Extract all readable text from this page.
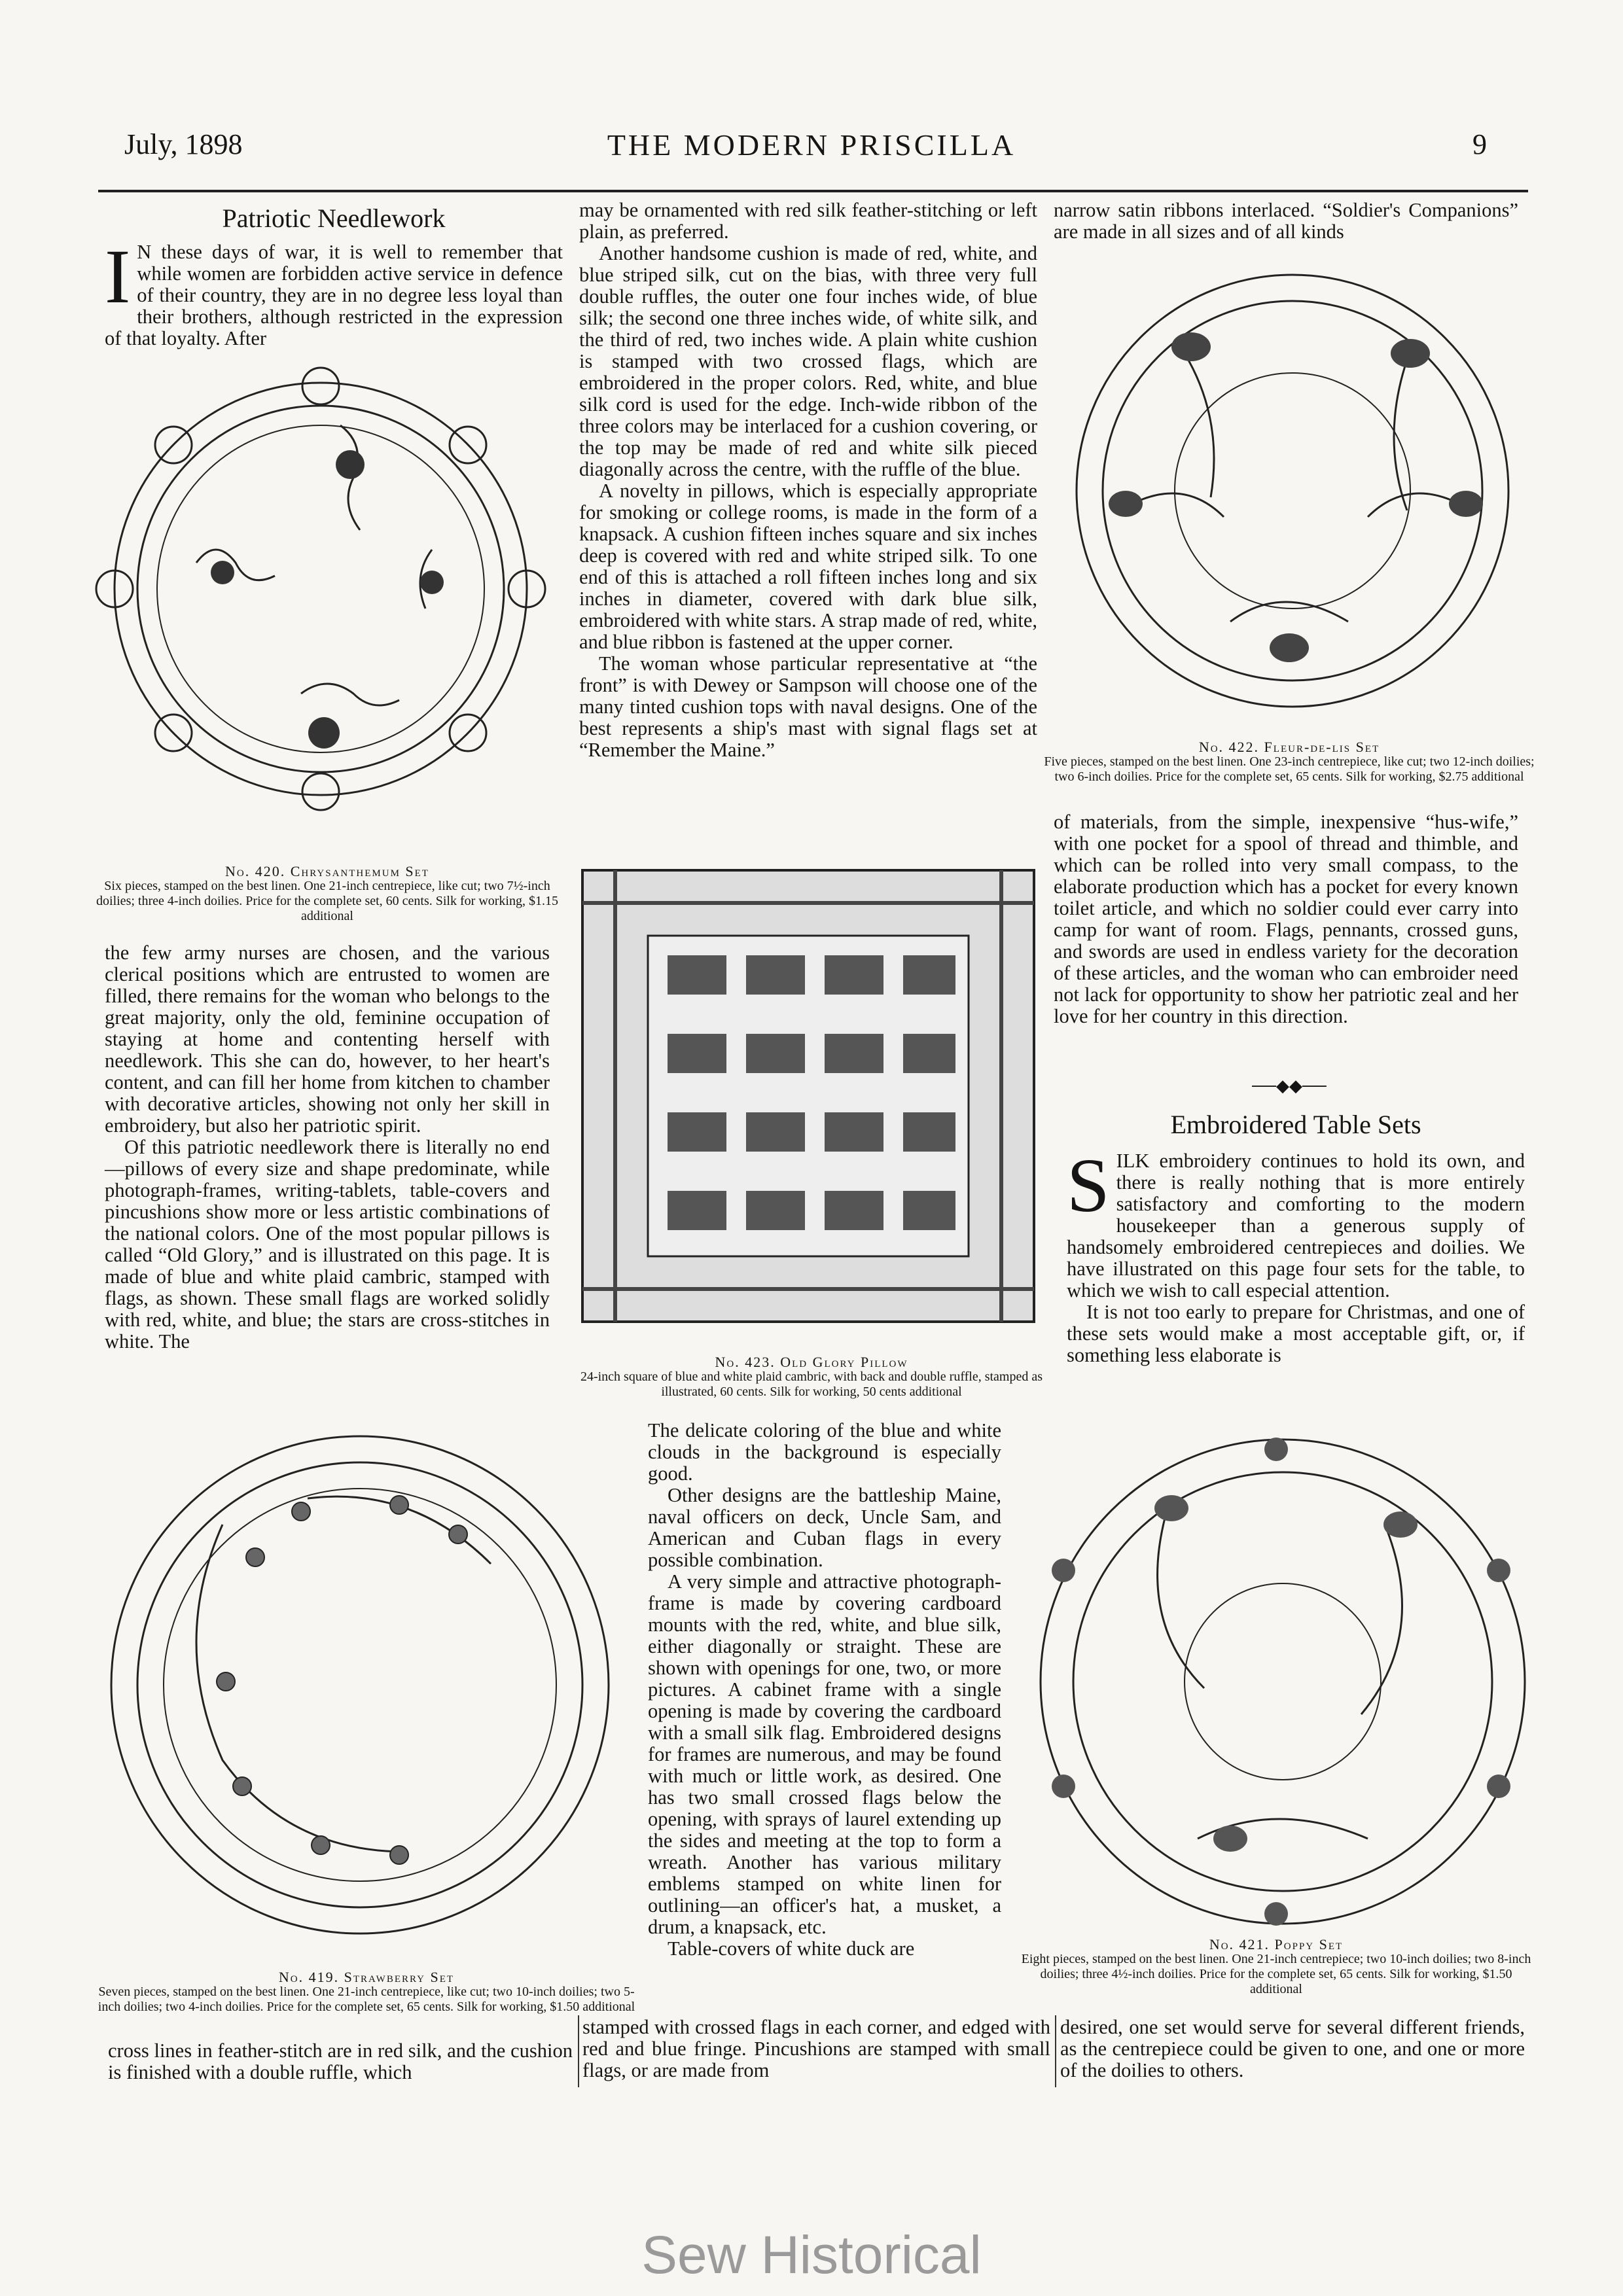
July, 1898	THE MODERN PRISCILLA	9
Patriotic Needlework
I N these days of war, it is well to remember that while women are forbidden active service in defence of their country, they are in no degree less loyal than their brothers, although restricted in the expression of that loyalty. After
No. 420. Chrysanthemum Set
Six pieces, stamped on the best linen. One 21-inch centrepiece, like cut; two 7½-inch doilies; three 4-inch doilies. Price for the complete set, 60 cents. Silk for working, $1.15 additional

the few army nurses are chosen, and the various clerical positions which are entrusted to women are filled, there remains for the woman who belongs to the great majority, only the old, feminine occupation of staying at home and contenting herself with needlework. This she can do, however, to her heart's content, and can fill her home from kitchen to chamber with decorative articles, showing not only her skill in embroidery, but also her patriotic spirit.

Of this patriotic needlework there is literally no end—pillows of every size and shape predominate, while photograph-frames, writing-tablets, table-covers and pincushions show more or less artistic combinations of the national colors. One of the most popular pillows is called “Old Glory,” and is illustrated on this page. It is made of blue and white plaid cambric, stamped with flags, as shown. These small flags are worked solidly with red, white, and blue; the stars are cross-stitches in white. The

may be ornamented with red silk feather-stitching or left plain, as preferred.

Another handsome cushion is made of red, white, and blue striped silk, cut on the bias, with three very full double ruffles, the outer one four inches wide, of blue silk; the second one three inches wide, of white silk, and the third of red, two inches wide. A plain white cushion is stamped with two crossed flags, which are embroidered in the proper colors. Red, white, and blue silk cord is used for the edge. Inch-wide ribbon of the three colors may be interlaced for a cushion covering, or the top may be made of red and white silk pieced diagonally across the centre, with the ruffle of the blue.

A novelty in pillows, which is especially appropriate for smoking or college rooms, is made in the form of a knapsack. A cushion fifteen inches square and six inches deep is covered with red and white striped silk. To one end of this is attached a roll fifteen inches long and six inches in diameter, covered with dark blue silk, embroidered with white stars. A strap made of red, white, and blue ribbon is fastened at the upper corner.

The woman whose particular representative at “the front” is with Dewey or Sampson will choose one of the many tinted cushion tops with naval designs. One of the best represents a ship's mast with signal flags set at “Remember the Maine.”

No. 423. Old Glory Pillow
24-inch square of blue and white plaid cambric, with back and double ruffle, stamped as illustrated, 60 cents. Silk for working, 50 cents additional

narrow satin ribbons interlaced. “Soldier's Companions” are made in all sizes and of all kinds

No. 422. Fleur-de-lis Set
Five pieces, stamped on the best linen. One 23-inch centrepiece, like cut; two 12-inch doilies; two 6-inch doilies. Price for the complete set, 65 cents. Silk for working, $2.75 additional

of materials, from the simple, inexpensive “hus-wife,” with one pocket for a spool of thread and thimble, and which can be rolled into very small compass, to the elaborate production which has a pocket for every known toilet article, and which no soldier could ever carry into camp for want of room. Flags, pennants, crossed guns, and swords are used in endless variety for the decoration of these articles, and the woman who can embroider need not lack for opportunity to show her patriotic zeal and her love for her country in this direction.

──◆◆──
Embroidered Table Sets
S ILK embroidery continues to hold its own, and there is really nothing that is more entirely satisfactory and comforting to the modern housekeeper than a generous supply of handsomely embroidered centrepieces and doilies. We have illustrated on this page four sets for the table, to which we wish to call especial attention.

It is not too early to prepare for Christmas, and one of these sets would make a most acceptable gift, or, if something less elaborate is

No. 419. Strawberry Set
Seven pieces, stamped on the best linen. One 21-inch centrepiece, like cut; two 10-inch doilies; two 5-inch doilies; two 4-inch doilies. Price for the complete set, 65 cents. Silk for working, $1.50 additional

The delicate coloring of the blue and white clouds in the background is especially good.

Other designs are the battleship Maine, naval officers on deck, Uncle Sam, and American and Cuban flags in every possible combination.

A very simple and attractive photograph-frame is made by covering cardboard mounts with the red, white, and blue silk, either diagonally or straight. These are shown with openings for one, two, or more pictures. A cabinet frame with a single opening is made by covering the cardboard with a small silk flag. Embroidered designs for frames are numerous, and may be found with much or little work, as desired. One has two small crossed flags below the opening, with sprays of laurel extending up the sides and meeting at the top to form a wreath. Another has various military emblems stamped on white linen for outlining—an officer's hat, a musket, a drum, a knapsack, etc.

Table-covers of white duck are	No. 421. Poppy Set
Eight pieces, stamped on the best linen. One 21-inch centrepiece; two 10-inch doilies; two 8-inch doilies; three 4½-inch doilies. Price for the complete set, 65 cents. Silk for working, $1.50 additional
cross lines in feather-stitch are in red silk, and the cushion is finished with a double ruffle, which
stamped with crossed flags in each corner, and edged with red and blue fringe. Pincushions are stamped with small flags, or are made from
desired, one set would serve for several different friends, as the centrepiece could be given to one, and one or more of the doilies to others.
Sew Historical
